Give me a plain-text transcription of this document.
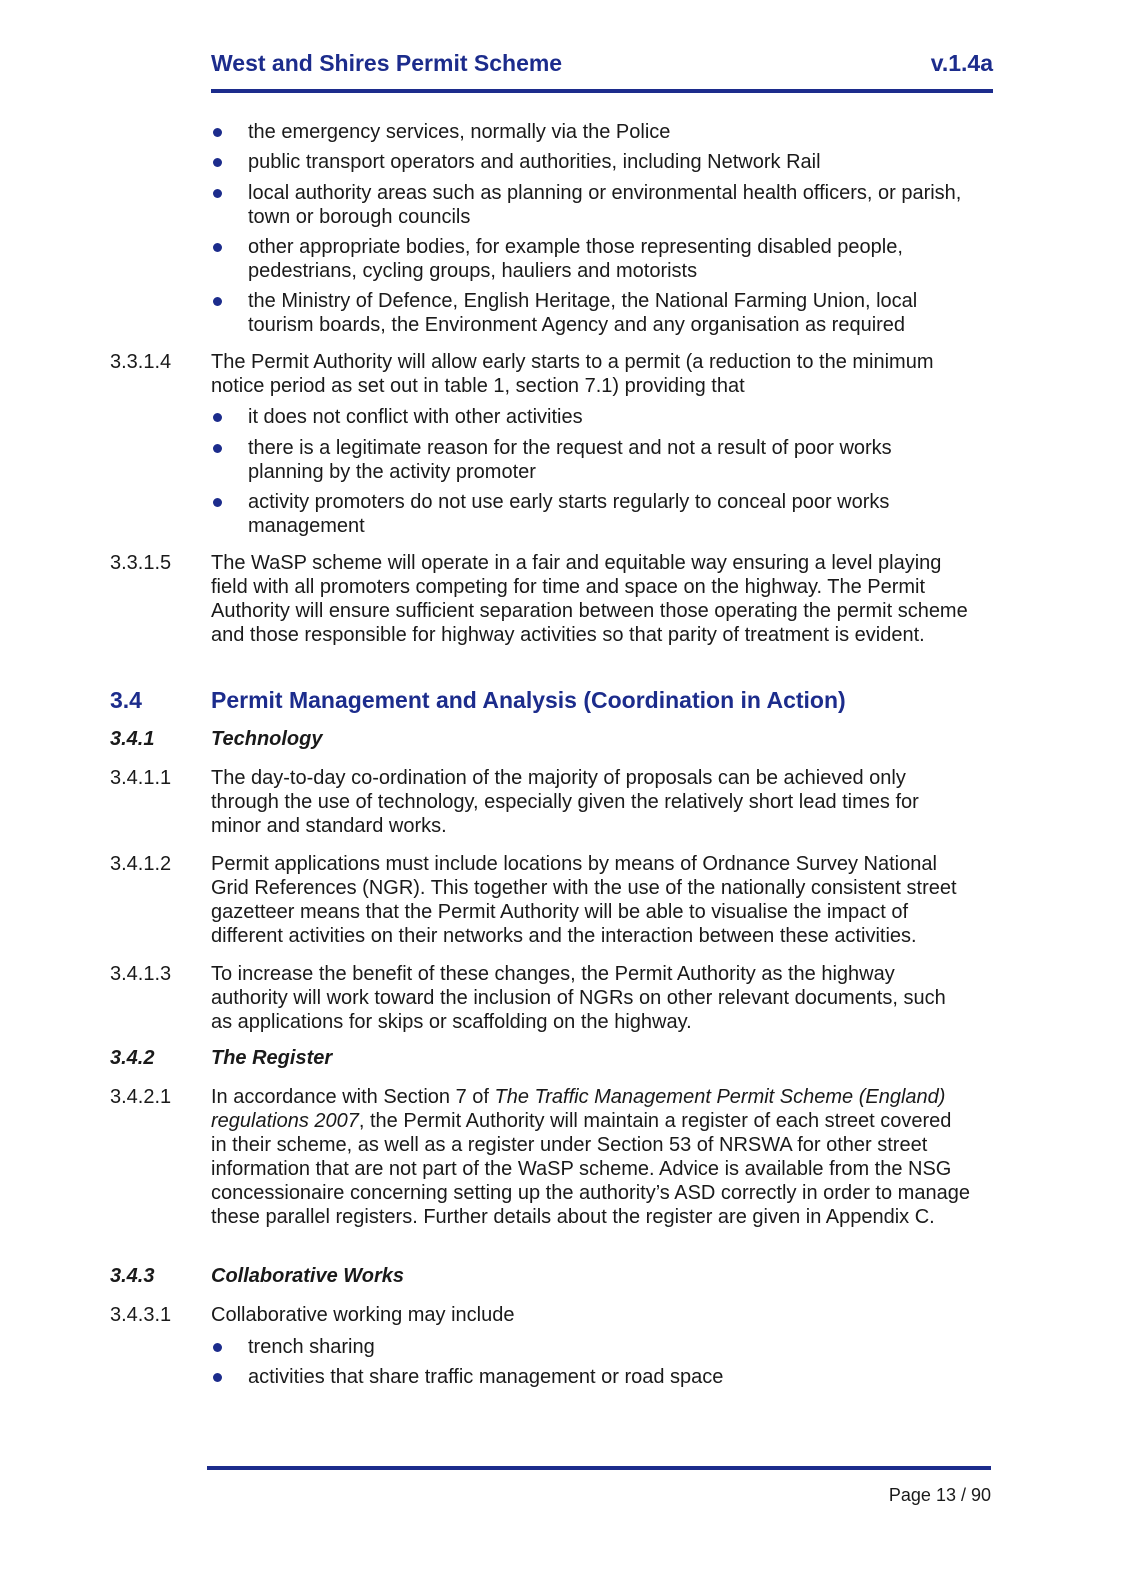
West and Shires Permit Scheme	v.1.4a
the emergency services, normally via the Police
public transport operators and authorities, including Network Rail
local authority areas such as planning or environmental health officers, or parish, town or borough councils
other appropriate bodies, for example those representing disabled people, pedestrians, cycling groups, hauliers and motorists
the Ministry of Defence, English Heritage, the National Farming Union, local tourism boards, the Environment Agency and any organisation as required
3.3.1.4 The Permit Authority will allow early starts to a permit (a reduction to the minimum notice period as set out in table 1, section 7.1) providing that
it does not conflict with other activities
there is a legitimate reason for the request and not a result of poor works planning by the activity promoter
activity promoters do not use early starts regularly to conceal poor works management
3.3.1.5 The WaSP scheme will operate in a fair and equitable way ensuring a level playing field with all promoters competing for time and space on the highway. The Permit Authority will ensure sufficient separation between those operating the permit scheme and those responsible for highway activities so that parity of treatment is evident.
3.4	Permit Management and Analysis (Coordination in Action)
3.4.1	Technology
3.4.1.1 The day-to-day co-ordination of the majority of proposals can be achieved only through the use of technology, especially given the relatively short lead times for minor and standard works.
3.4.1.2 Permit applications must include locations by means of Ordnance Survey National Grid References (NGR). This together with the use of the nationally consistent street gazetteer means that the Permit Authority will be able to visualise the impact of different activities on their networks and the interaction between these activities.
3.4.1.3 To increase the benefit of these changes, the Permit Authority as the highway authority will work toward the inclusion of NGRs on other relevant documents, such as applications for skips or scaffolding on the highway.
3.4.2	The Register
3.4.2.1 In accordance with Section 7 of The Traffic Management Permit Scheme (England) regulations 2007, the Permit Authority will maintain a register of each street covered in their scheme, as well as a register under Section 53 of NRSWA for other street information that are not part of the WaSP scheme. Advice is available from the NSG concessionaire concerning setting up the authority’s ASD correctly in order to manage these parallel registers. Further details about the register are given in Appendix C.
3.4.3	Collaborative Works
3.4.3.1 Collaborative working may include
trench sharing
activities that share traffic management or road space
Page 13 / 90
